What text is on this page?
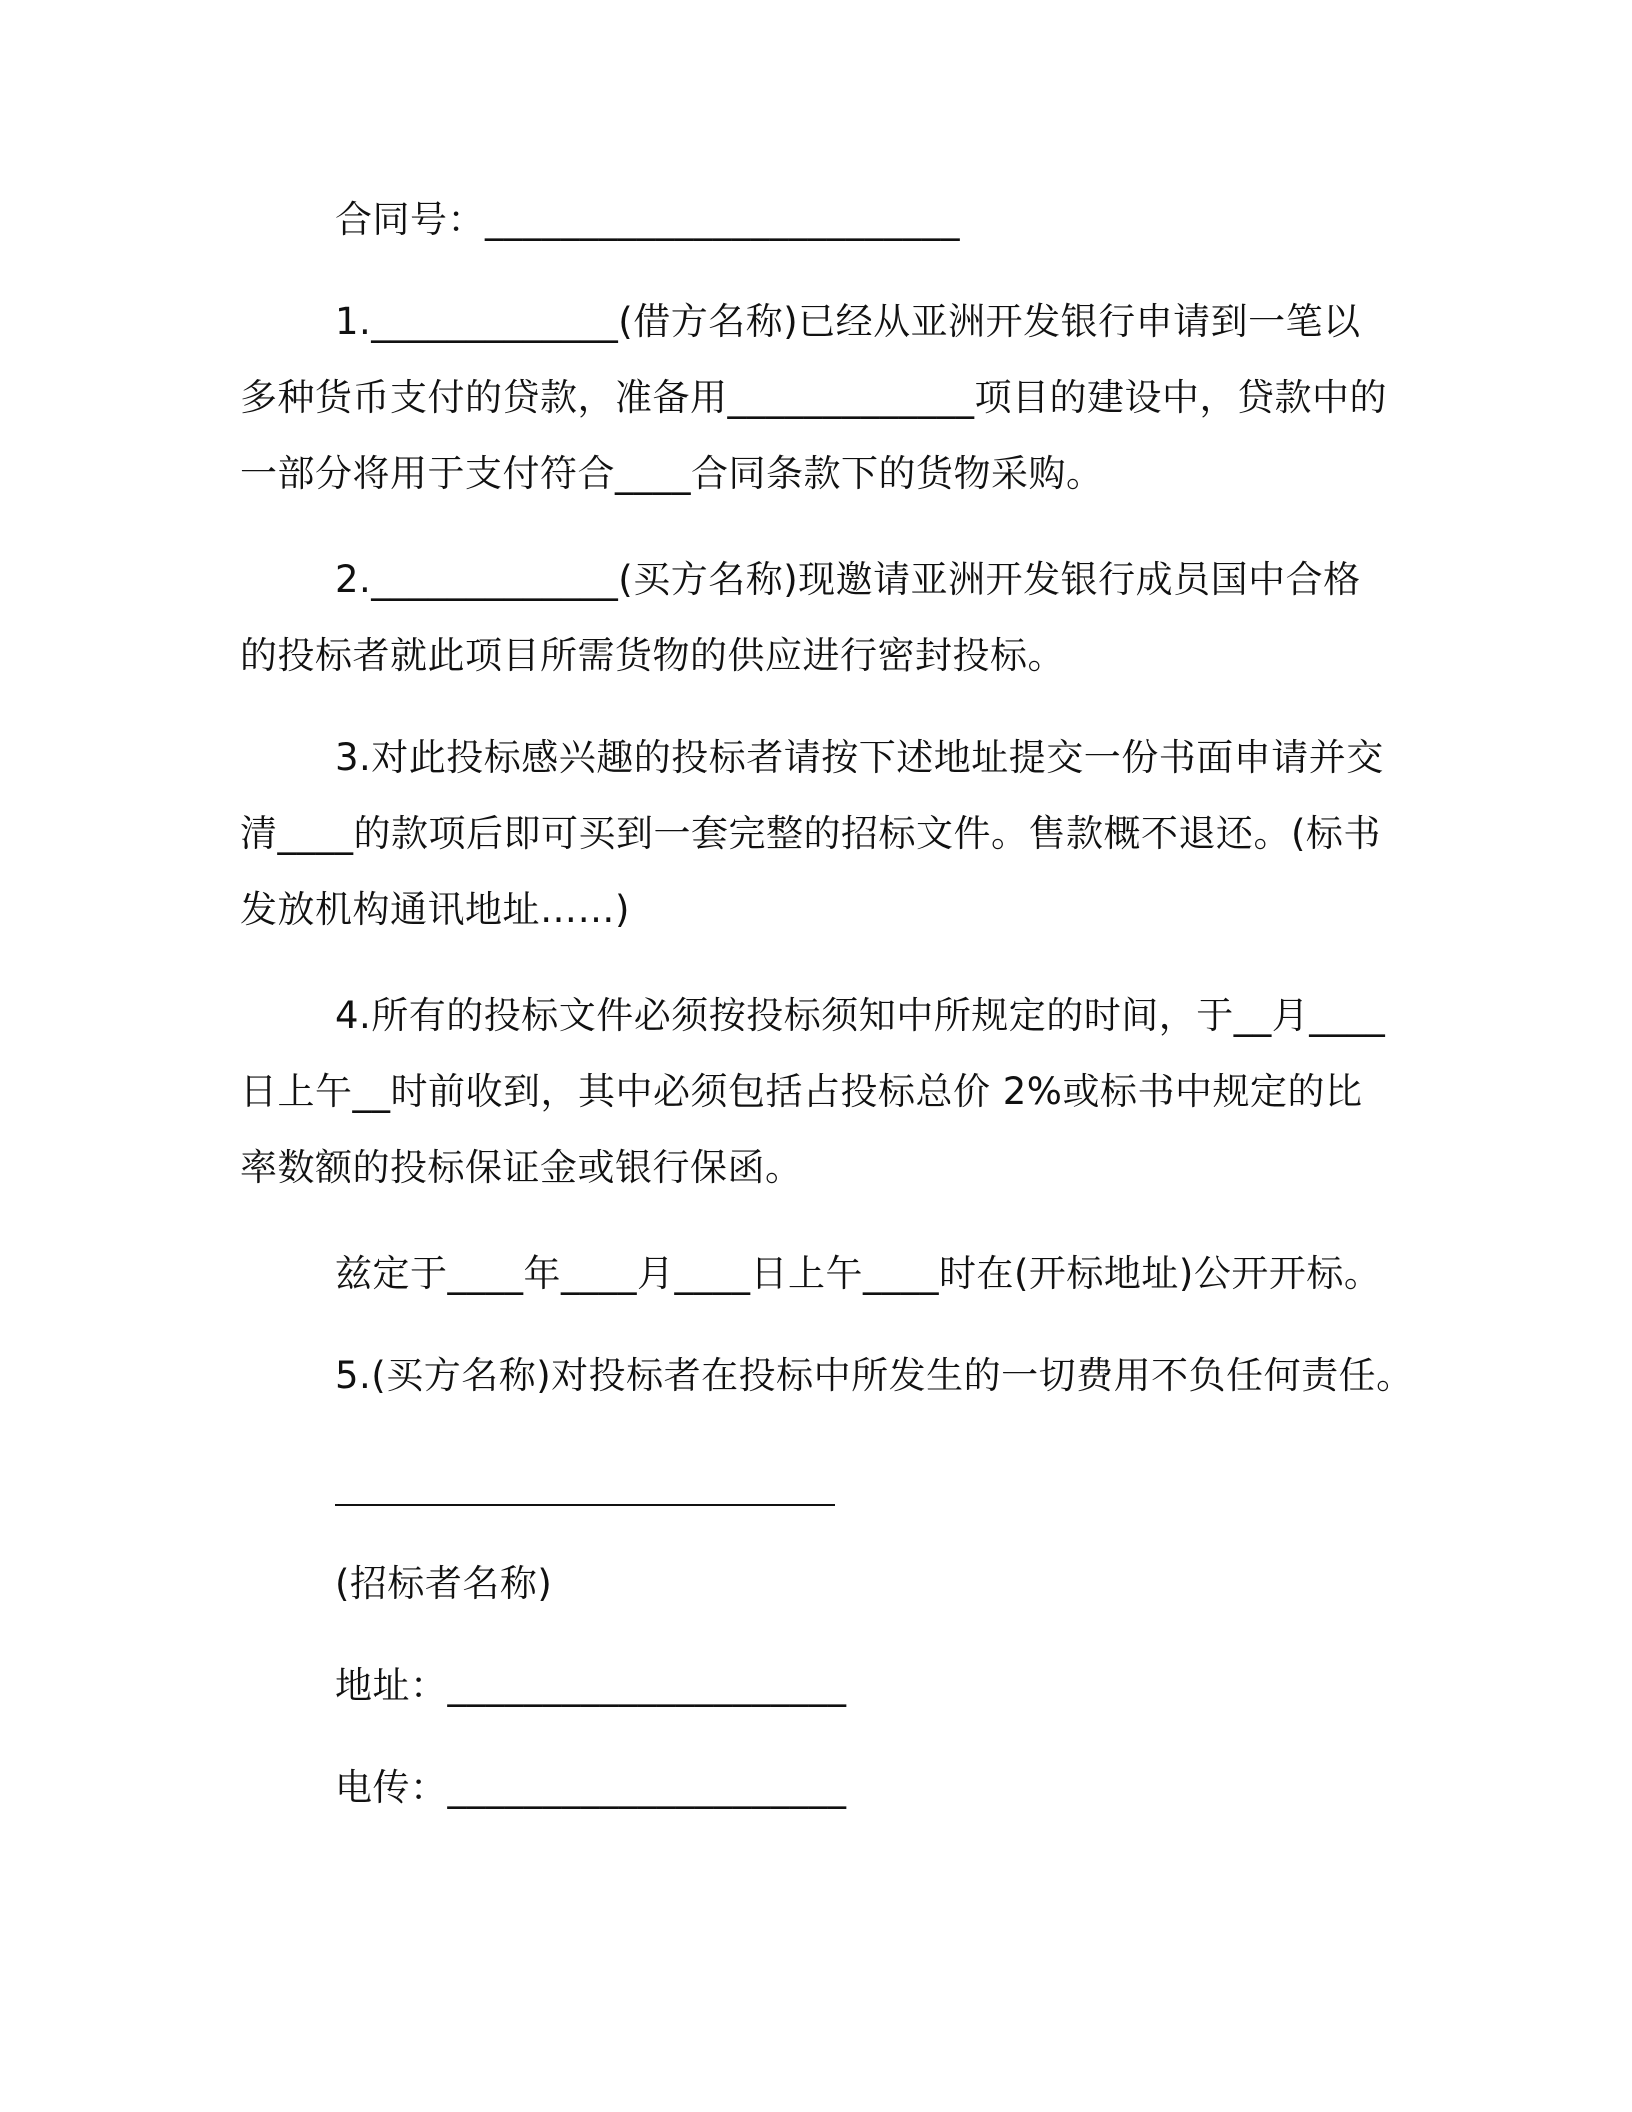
合同号：_________________________
1._____________(借方名称)已经从亚洲开发银行申请到一笔以
多种货币支付的贷款，准备用_____________项目的建设中，贷款中的
一部分将用于支付符合____合同条款下的货物采购。
2._____________(买方名称)现邀请亚洲开发银行成员国中合格
的投标者就此项目所需货物的供应进行密封投标。
3.对此投标感兴趣的投标者请按下述地址提交一份书面申请并交
清____的款项后即可买到一套完整的招标文件。售款概不退还。(标书
发放机构通讯地址……)
4.所有的投标文件必须按投标须知中所规定的时间，于__月____
日上午__时前收到，其中必须包括占投标总价 2%或标书中规定的比
率数额的投标保证金或银行保函。
兹定于____年____月____日上午____时在(开标地址)公开开标。
5.(买方名称)对投标者在投标中所发生的一切费用不负任何责任。
(招标者名称)
地址：_____________________
电传：_____________________
